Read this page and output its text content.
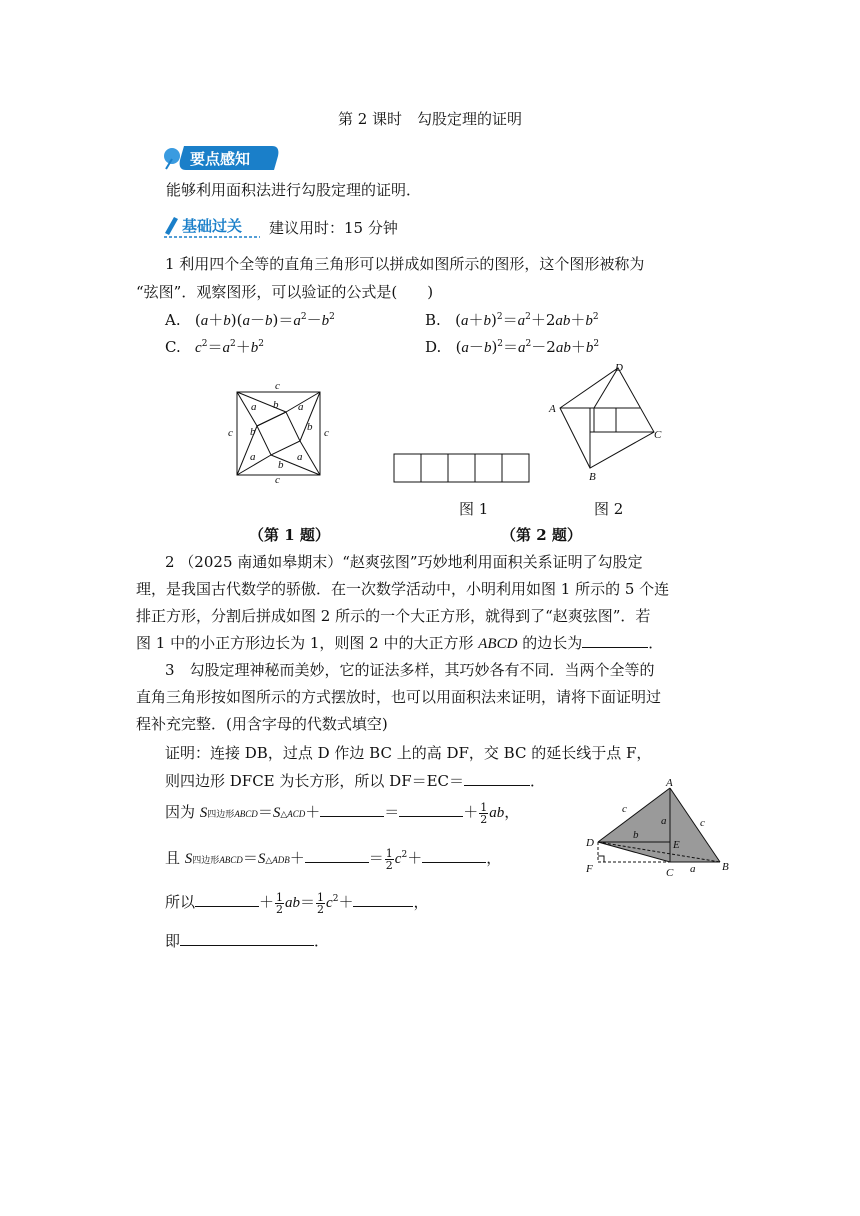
第 2 课时　勾股定理的证明
要点感知
能够利用面积法进行勾股定理的证明．
基础过关 建议用时：15 分钟
1 利用四个全等的直角三角形可以拼成如图所示的图形，这个图形被称为
“弦图”．观察图形，可以验证的公式是(　　)
A.   $(a+b)(a-b)=a^2-b^2$	B.   $(a+b)^2=a^2+2ab+b^2$
C. $c^2=a^2+b^2$	D.   $(a-b)^2=a^2-2ab+b^2$
c
c
c	c
a b a
b
b
a
b
a
D
A
C
B
图 1	图 2
（第 1 题）	（第 2 题）
2 （2025 南通如皋期末）“赵爽弦图”巧妙地利用面积关系证明了勾股定
理，是我国古代数学的骄傲．在一次数学活动中，小明利用如图 1 所示的 5 个连
排正方形，分割后拼成如图 2 所示的一个大正方形，就得到了“赵爽弦图”．若
图 1 中的小正方形边长为 1，则图 2 中的大正方形 ABCD 的边长为	．
3　勾股定理神秘而美妙，它的证法多样，其巧妙各有不同．当两个全等的
直角三角形按如图所示的方式摆放时，也可以用面积法来证明，请将下面证明过
程补充完整．(用含字母的代数式填空)
证明：连接 DB，过点 D 作边 BC 上的高 DF，交 BC 的延长线于点 F，
则四边形 DFCE 为长方形，所以 DF＝EC＝	．
因为 S四边形ABCD＝S△ACD＋	＝	＋ $\frac{1}{2}$ ab，
且 S四边形ABCD＝S△ADB＋	＝ $\frac{1}{2} c^2+$	，
所以	＋ $\frac{1}{2} ab= \frac{1}{2} c^2+$	，
即	．
A
D
F	C	B
E
c
c
a
a
b
